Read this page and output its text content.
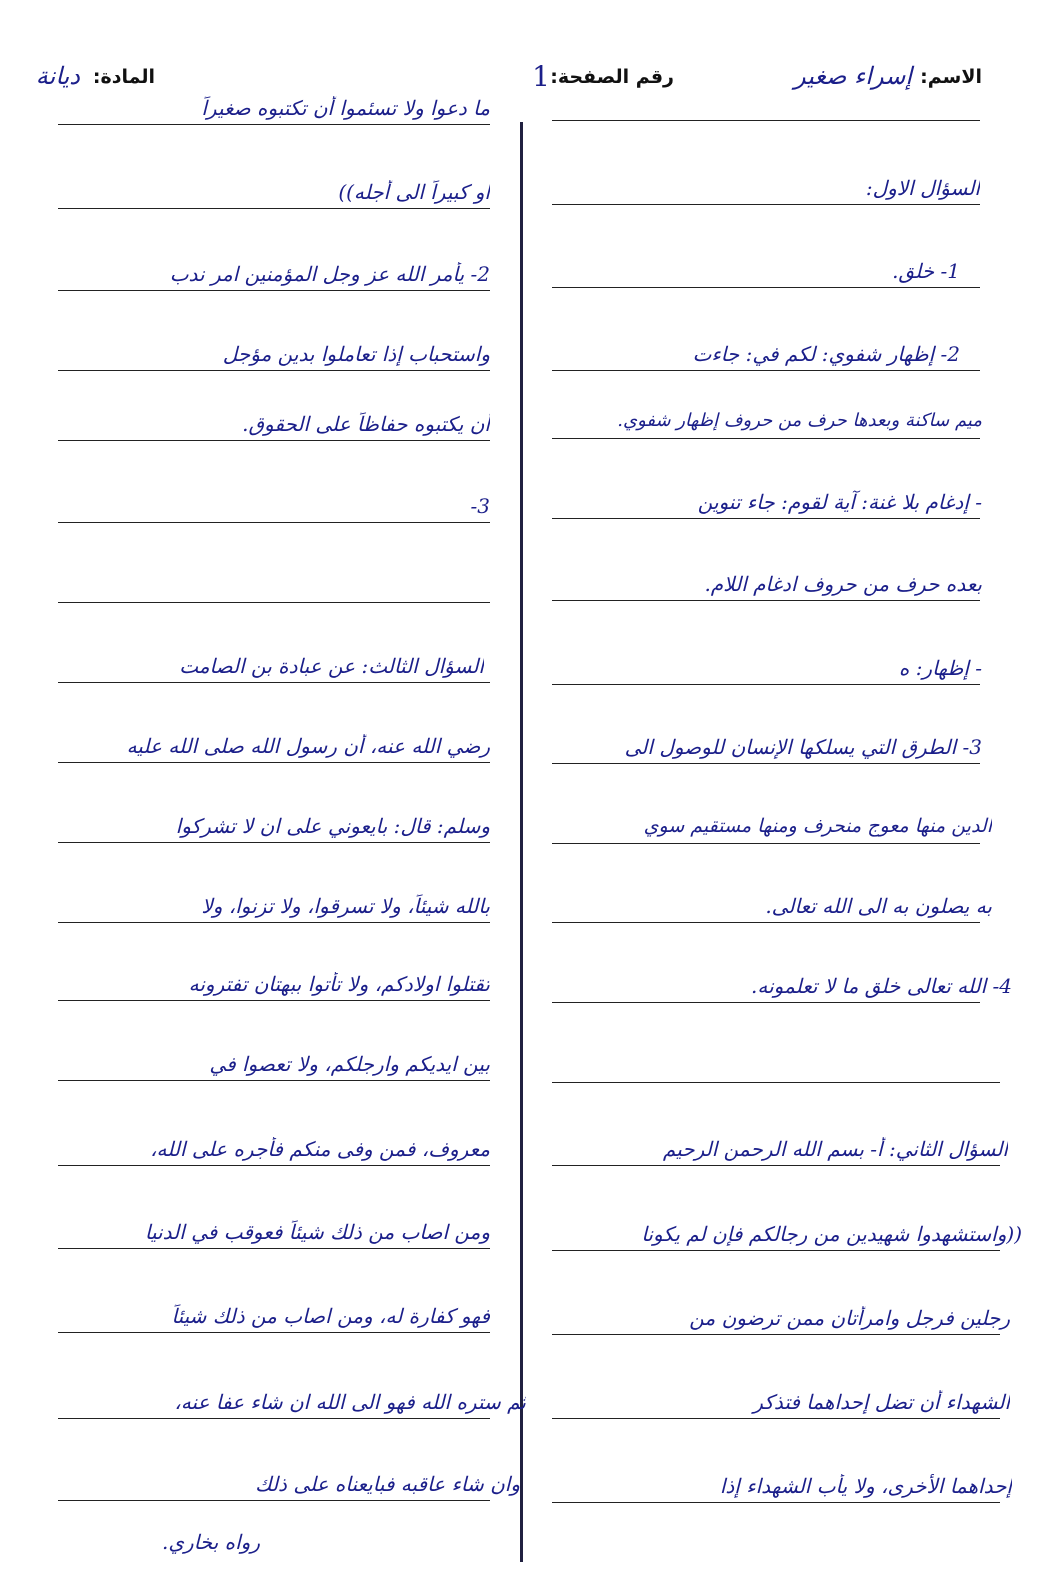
الاسم:
إسراء صغير
رقم الصفحة:
1
المادة:
ديانة
السؤال الاول:
1- خلق.
2- إظهار شفوي: لكم في: جاءت
ميم ساكنة وبعدها حرف من حروف إظهار شفوي.
- إدغام بلا غنة: آية لقوم: جاء تنوين
بعده حرف من حروف ادغام اللام.
- إظهار: ه
3- الطرق التي يسلكها الإنسان للوصول الى
الدين منها معوج منحرف ومنها مستقيم سوي
به يصلون به الى الله تعالى.
4- الله تعالى خلق ما لا تعلمونه.
السؤال الثاني: أ- بسم الله الرحمن الرحيم
((واستشهدوا شهيدين من رجالكم فإن لم يكونا
رجلين فرجل وامرأتان ممن ترضون من
الشهداء أن تضل إحداهما فتذكر
إحداهما الأخرى، ولا يأب الشهداء إذا
ما دعوا ولا تسئموا أن تكتبوه صغيراً
او كبيراً الى أجله))
2- يأمر الله عز وجل المؤمنين امر ندب
واستحباب إذا تعاملوا بدين مؤجل
أن يكتبوه حفاظاً على الحقوق.
3-
السؤال الثالث: عن عبادة بن الصامت
رضي الله عنه، أن رسول الله صلى الله عليه
وسلم: قال: بايعوني على ان لا تشركوا
بالله شيئاً، ولا تسرقوا، ولا تزنوا، ولا
تقتلوا اولادكم، ولا تأتوا ببهتان تفترونه
بين ايديكم وارجلكم، ولا تعصوا في
معروف، فمن وفى منكم فأجره على الله،
ومن اصاب من ذلك شيئاً فعوقب في الدنيا
فهو كفارة له، ومن اصاب من ذلك شيئاً
ثم ستره الله فهو الى الله ان شاء عفا عنه،
وان شاء عاقبه فبايعناه على ذلك
رواه بخاري.
